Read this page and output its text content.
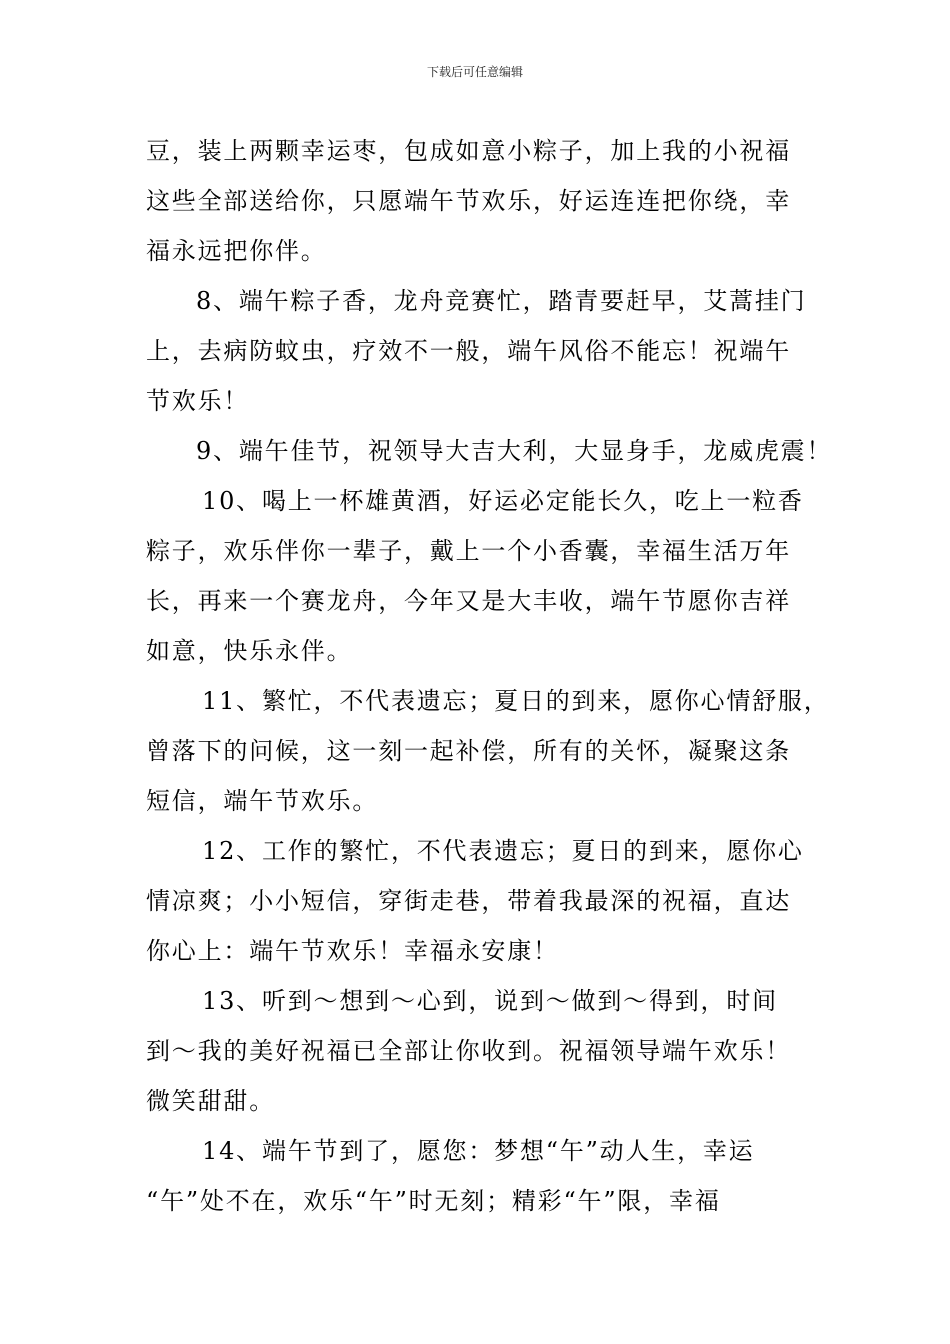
下载后可任意编辑
豆，装上两颗幸运枣，包成如意小粽子，加上我的小祝福
这些全部送给你，只愿端午节欢乐，好运连连把你绕，幸
福永远把你伴。
8、端午粽子香，龙舟竞赛忙，踏青要赶早，艾蒿挂门
上，去病防蚊虫，疗效不一般，端午风俗不能忘！祝端午
节欢乐！
9、端午佳节，祝领导大吉大利，大显身手，龙威虎震！
10、喝上一杯雄黄酒，好运必定能长久，吃上一粒香
粽子，欢乐伴你一辈子，戴上一个小香囊，幸福生活万年
长，再来一个赛龙舟，今年又是大丰收，端午节愿你吉祥
如意，快乐永伴。
11、繁忙，不代表遗忘；夏日的到来，愿你心情舒服，
曾落下的问候，这一刻一起补偿，所有的关怀，凝聚这条
短信，端午节欢乐。
12、工作的繁忙，不代表遗忘；夏日的到来，愿你心
情凉爽；小小短信，穿街走巷，带着我最深的祝福，直达
你心上：端午节欢乐！幸福永安康！
13、听到～想到～心到，说到～做到～得到，时间
到～我的美好祝福已全部让你收到。祝福领导端午欢乐！
微笑甜甜。
14、端午节到了，愿您：梦想“午”动人生，幸运
“午”处不在，欢乐“午”时无刻；精彩“午”限，幸福
